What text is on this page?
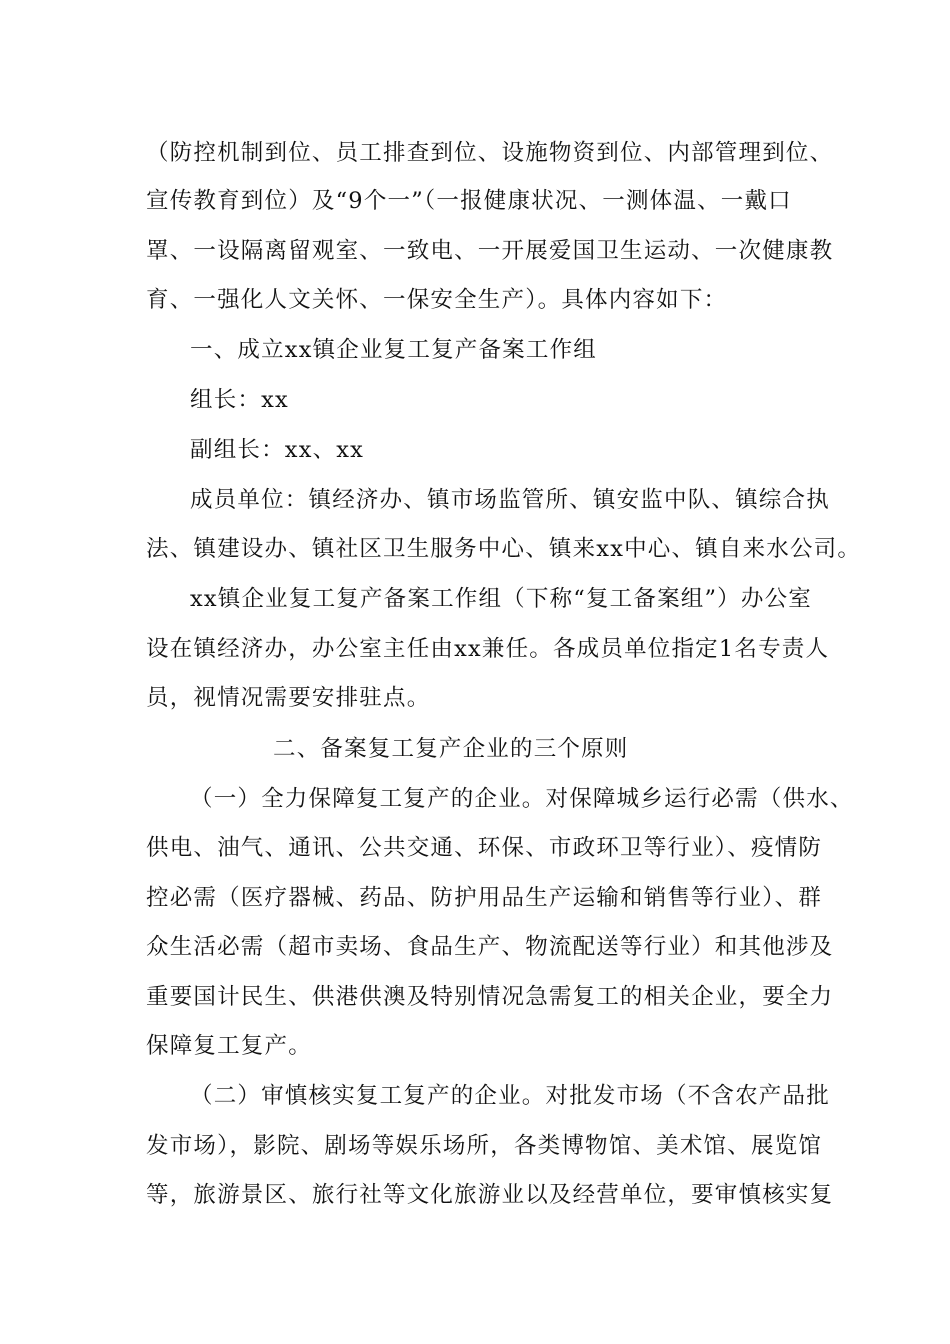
（防控机制到位、员工排查到位、设施物资到位、内部管理到位、
宣传教育到位）及“9个一”（一报健康状况、一测体温、一戴口
罩、一设隔离留观室、一致电、一开展爱国卫生运动、一次健康教
育、一强化人文关怀、一保安全生产）。具体内容如下：
一、成立xx镇企业复工复产备案工作组
组长：xx
副组长：xx、xx
成员单位：镇经济办、镇市场监管所、镇安监中队、镇综合执
法、镇建设办、镇社区卫生服务中心、镇来xx中心、镇自来水公司。
xx镇企业复工复产备案工作组（下称“复工备案组”）办公室
设在镇经济办，办公室主任由xx兼任。各成员单位指定1名专责人
员，视情况需要安排驻点。
二、备案复工复产企业的三个原则
（一）全力保障复工复产的企业。对保障城乡运行必需（供水、
供电、油气、通讯、公共交通、环保、市政环卫等行业）、疫情防
控必需（医疗器械、药品、防护用品生产运输和销售等行业）、群
众生活必需（超市卖场、食品生产、物流配送等行业）和其他涉及
重要国计民生、供港供澳及特别情况急需复工的相关企业，要全力
保障复工复产。
（二）审慎核实复工复产的企业。对批发市场（不含农产品批
发市场），影院、剧场等娱乐场所，各类博物馆、美术馆、展览馆
等，旅游景区、旅行社等文化旅游业以及经营单位，要审慎核实复
